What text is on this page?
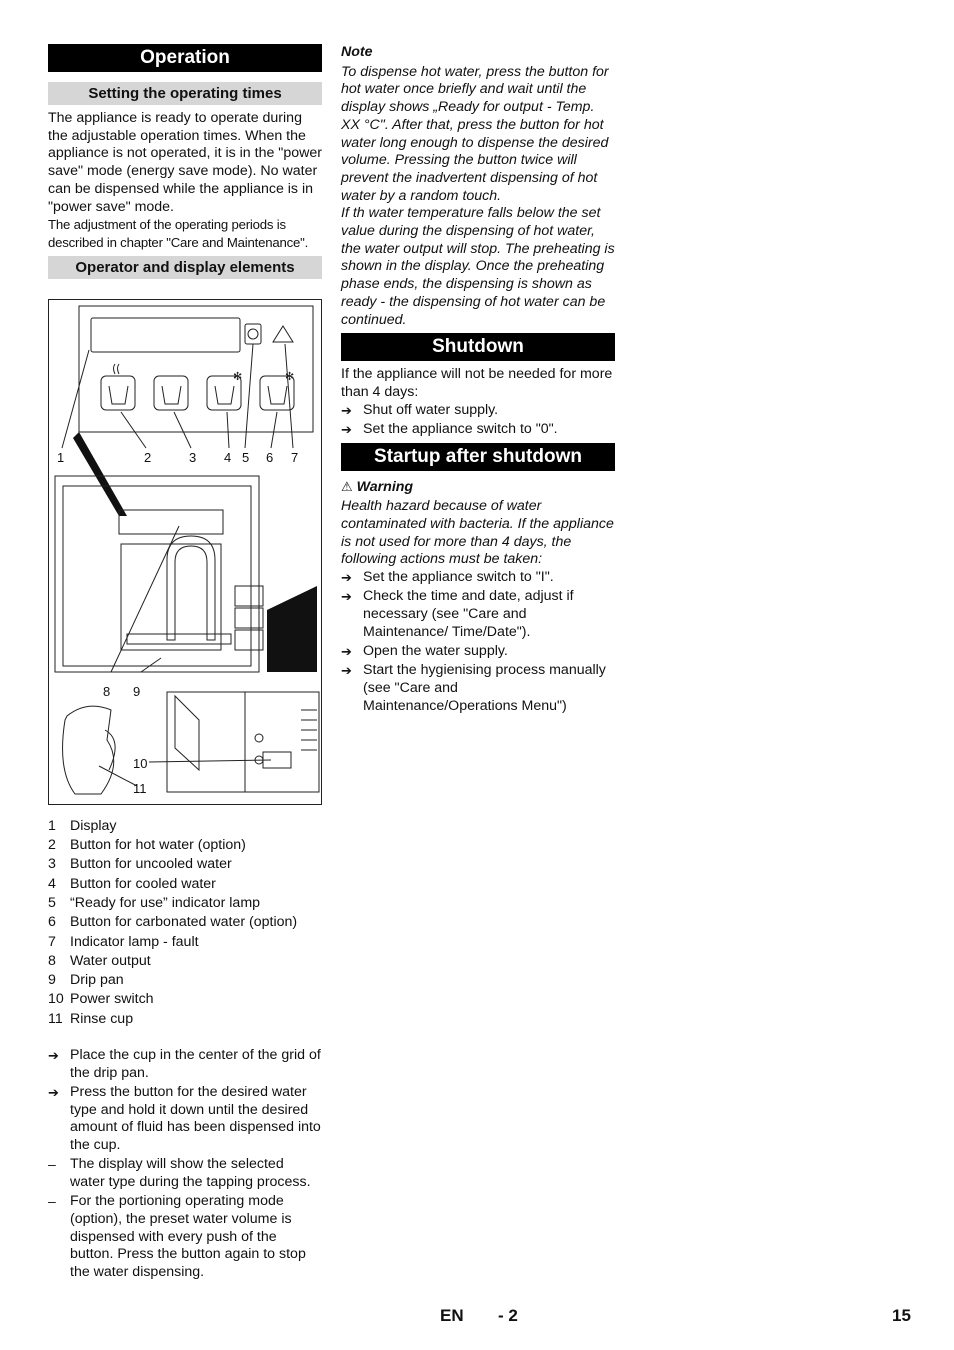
Operation
Setting the operating times

The appliance is ready to operate during the adjustable operation times. When the appliance is not operated, it is in the "power save" mode (energy save mode). No water can be dispensed while the appliance is in "power save" mode.

The adjustment of the operating periods is described in chapter "Care and Maintenance".

Operator and display elements
✻	✻
1	2	3 4 5 6 7
8 9
10
11
1 Display
2 Button for hot water (option)
3 Button for uncooled water
4 Button for cooled water
5 “Ready for use” indicator lamp
6 Button for carbonated water (option)
7 Indicator lamp - fault
8 Water output
9 Drip pan
10 Power switch
11 Rinse cup
➔ Place the cup in the center of the grid of the drip pan.
➔ Press the button for the desired water type and hold it down until the desired amount of fluid has been dispensed into the cup.
–	The display will show the selected water type during the tapping process.
–	For the portioning operating mode (option), the preset water volume is dispensed with every push of the button. Press the button again to stop the water dispensing.

Note

To dispense hot water, press the button for hot water once briefly and wait until the display shows „Ready for output - Temp. XX °C". After that, press the button for hot water long enough to dispense the desired volume. Pressing the button twice will prevent the inadvertent dispensing of hot water by a random touch.

If th water temperature falls below the set value during the dispensing of hot water, the water output will stop. The preheating is shown in the display. Once the preheating phase ends, the dispensing is shown as ready - the dispensing of hot water can be continued.

Shutdown

If the appliance will not be needed for more than 4 days:

➔ Shut off water supply.
➔ Set the appliance switch to "0".
Startup after shutdown

⚠ Warning

Health hazard because of water contaminated with bacteria. If the appliance is not used for more than 4 days, the following actions must be taken:

➔ Set the appliance switch to "I".
➔ Check the time and date, adjust if necessary (see "Care and Maintenance/ Time/Date").
➔ Open the water supply.
➔ Start the hygienising process manually (see "Care and Maintenance/Operations Menu")
EN - 2	15
